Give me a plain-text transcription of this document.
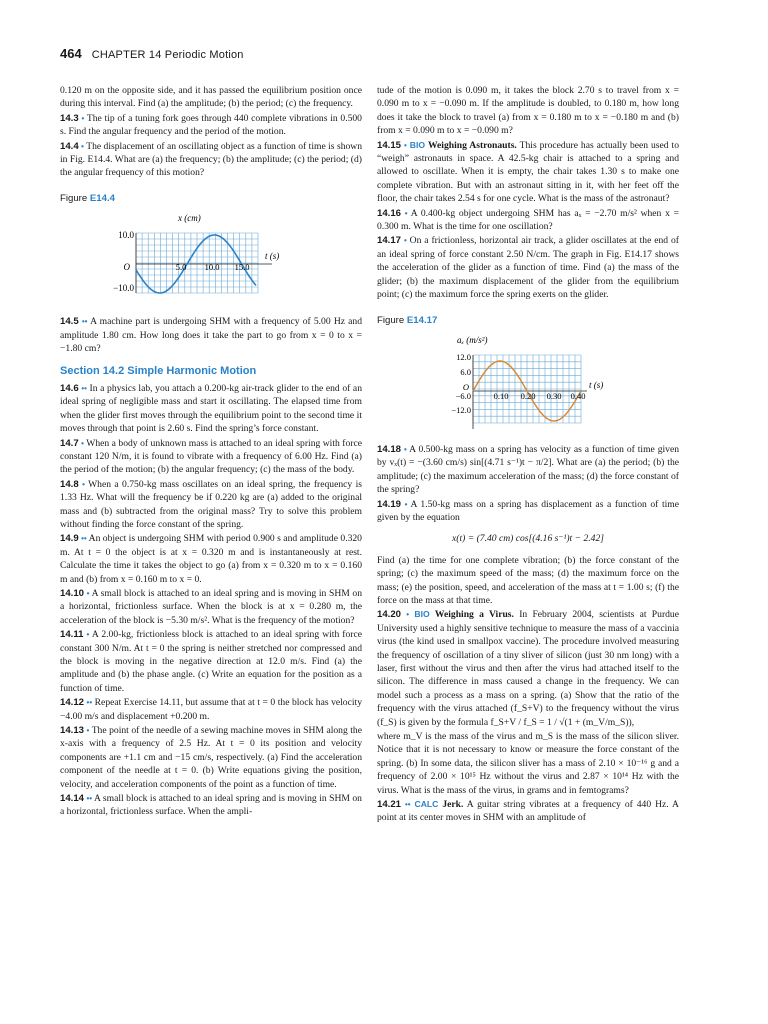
464 CHAPTER 14 Periodic Motion

0.120 m on the opposite side, and it has passed the equilibrium position once during this interval. Find (a) the amplitude; (b) the period; (c) the frequency.

14.3 • The tip of a tuning fork goes through 440 complete vibrations in 0.500 s. Find the angular frequency and the period of the motion.

14.4 • The displacement of an oscillating object as a function of time is shown in Fig. E14.4. What are (a) the frequency; (b) the amplitude; (c) the period; (d) the angular frequency of this motion?

Figure E14.4
x (cm)
10.0
−10.0
O	5.0 10.0 15.0
t (s)

14.5 •• A machine part is undergoing SHM with a frequency of 5.00 Hz and amplitude 1.80 cm. How long does it take the part to go from x = 0 to x = −1.80 cm?

Section 14.2 Simple Harmonic Motion

14.6 •• In a physics lab, you attach a 0.200-kg air-track glider to the end of an ideal spring of negligible mass and start it oscillating. The elapsed time from when the glider first moves through the equilibrium point to the second time it moves through that point is 2.60 s. Find the spring’s force constant.

14.7 • When a body of unknown mass is attached to an ideal spring with force constant 120 N/m, it is found to vibrate with a frequency of 6.00 Hz. Find (a) the period of the motion; (b) the angular frequency; (c) the mass of the body.

14.8 • When a 0.750-kg mass oscillates on an ideal spring, the frequency is 1.33 Hz. What will the frequency be if 0.220 kg are (a) added to the original mass and (b) subtracted from the original mass? Try to solve this problem without finding the force constant of the spring.

14.9 •• An object is undergoing SHM with period 0.900 s and amplitude 0.320 m. At t = 0 the object is at x = 0.320 m and is instantaneously at rest. Calculate the time it takes the object to go (a) from x = 0.320 m to x = 0.160 m and (b) from x = 0.160 m to x = 0.

14.10 • A small block is attached to an ideal spring and is moving in SHM on a horizontal, frictionless surface. When the block is at x = 0.280 m, the acceleration of the block is −5.30 m/s². What is the frequency of the motion?

14.11 • A 2.00-kg, frictionless block is attached to an ideal spring with force constant 300 N/m. At t = 0 the spring is neither stretched nor compressed and the block is moving in the negative direction at 12.0 m/s. Find (a) the amplitude and (b) the phase angle. (c) Write an equation for the position as a function of time.

14.12 •• Repeat Exercise 14.11, but assume that at t = 0 the block has velocity −4.00 m/s and displacement +0.200 m.

14.13 • The point of the needle of a sewing machine moves in SHM along the x-axis with a frequency of 2.5 Hz. At t = 0 its position and velocity components are +1.1 cm and −15 cm/s, respectively. (a) Find the acceleration component of the needle at t = 0. (b) Write equations giving the position, velocity, and acceleration components of the point as a function of time.

14.14 •• A small block is attached to an ideal spring and is moving in SHM on a horizontal, frictionless surface. When the ampli-

tude of the motion is 0.090 m, it takes the block 2.70 s to travel from x = 0.090 m to x = −0.090 m. If the amplitude is doubled, to 0.180 m, how long does it take the block to travel (a) from x = 0.180 m to x = −0.180 m and (b) from x = 0.090 m to x = −0.090 m?

14.15 • BIO Weighing Astronauts. This procedure has actually been used to “weigh” astronauts in space. A 42.5-kg chair is attached to a spring and allowed to oscillate. When it is empty, the chair takes 1.30 s to make one complete vibration. But with an astronaut sitting in it, with her feet off the floor, the chair takes 2.54 s for one cycle. What is the mass of the astronaut?

14.16 • A 0.400-kg object undergoing SHM has aₓ = −2.70 m/s² when x = 0.300 m. What is the time for one oscillation?

14.17 • On a frictionless, horizontal air track, a glider oscillates at the end of an ideal spring of force constant 2.50 N/cm. The graph in Fig. E14.17 shows the acceleration of the glider as a function of time. Find (a) the mass of the glider; (b) the maximum displacement of the glider from the equilibrium point; (c) the maximum force the spring exerts on the glider.

Figure E14.17
aₓ (m/s²)
12.0
6.0
O
−6.0
−12.0
0.10 0.20 0.30 0.40
t (s)

14.18 • A 0.500-kg mass on a spring has velocity as a function of time given by vₓ(t) = −(3.60 cm/s) sin[(4.71 s⁻¹)t − π/2]. What are (a) the period; (b) the amplitude; (c) the maximum acceleration of the mass; (d) the force constant of the spring?

14.19 • A 1.50-kg mass on a spring has displacement as a function of time given by the equation

x(t) = (7.40 cm) cos[(4.16 s⁻¹)t − 2.42]

Find (a) the time for one complete vibration; (b) the force constant of the spring; (c) the maximum speed of the mass; (d) the maximum force on the mass; (e) the position, speed, and acceleration of the mass at t = 1.00 s; (f) the force on the mass at that time.

14.20 • BIO Weighing a Virus. In February 2004, scientists at Purdue University used a highly sensitive technique to measure the mass of a vaccinia virus (the kind used in smallpox vaccine). The procedure involved measuring the frequency of oscillation of a tiny sliver of silicon (just 30 nm long) with a laser, first without the virus and then after the virus had attached itself to the silicon. The difference in mass caused a change in the frequency. We can model such a process as a mass on a spring. (a) Show that the ratio of the frequency with the virus attached (f_S+V) to the frequency without the virus (f_S) is given by the formula f_S+V / f_S = 1 / √(1 + (m_V/m_S)),

where m_V is the mass of the virus and m_S is the mass of the silicon sliver. Notice that it is not necessary to know or measure the force constant of the spring. (b) In some data, the silicon sliver has a mass of 2.10 × 10⁻¹⁶ g and a frequency of 2.00 × 10¹⁵ Hz without the virus and 2.87 × 10¹⁴ Hz with the virus. What is the mass of the virus, in grams and in femtograms?

14.21 •• CALC Jerk. A guitar string vibrates at a frequency of 440 Hz. A point at its center moves in SHM with an amplitude of
